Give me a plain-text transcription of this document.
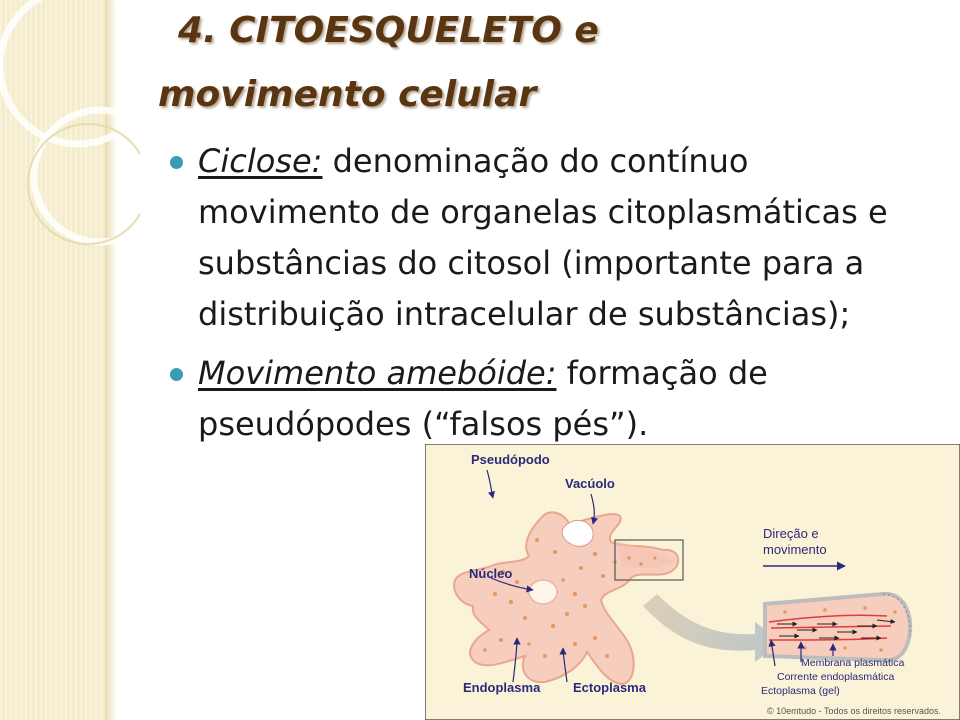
4. CITOESQUELETO e
movimento celular
Ciclose: denominação do contínuo movimento de organelas citoplasmáticas e substâncias do citosol (importante para a distribuição intracelular de substâncias);
Movimento amebóide: formação de pseudópodes (“falsos pés”).
Pseudópodo
Vacúolo
Núcleo
Endoplasma	Ectoplasma
Direção e
movimento
Membrana plasmática
Corrente endoplasmática
Ectoplasma (gel)
© 10emtudo - Todos os direitos reservados.
